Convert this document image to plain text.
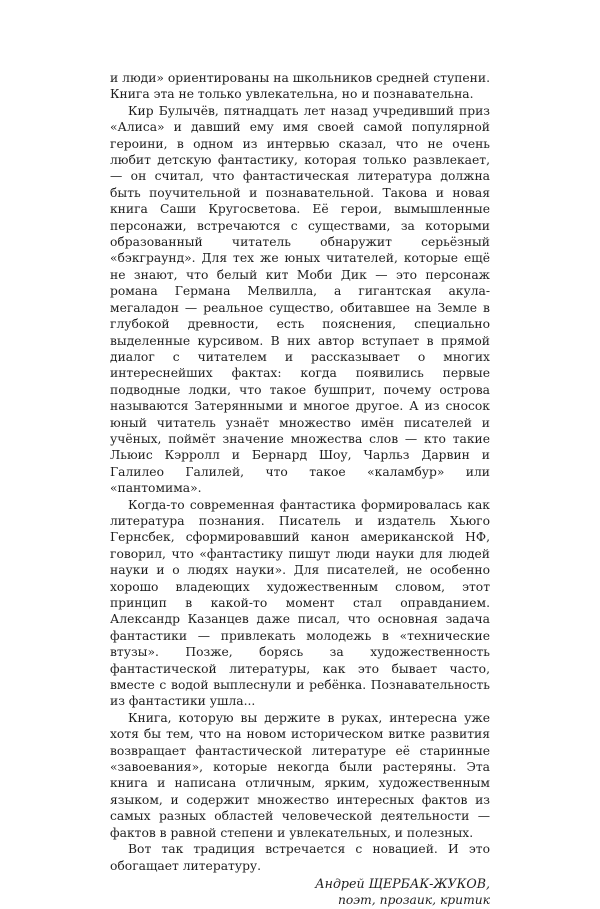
и люди» ориентированы на школьников средней ступени. Книга эта не только увлекательна, но и познавательна.

Кир Булычёв, пятнадцать лет назад учредивший приз «Алиса» и давший ему имя своей самой популярной героини, в одном из интервью сказал, что не очень любит детскую фантастику, которая только развлекает, — он считал, что фантастическая литература должна быть поучительной и познавательной. Такова и новая книга Саши Кругосветова. Её герои, вымышленные персонажи, встречаются с существами, за которыми образованный читатель обнаружит серьёзный «бэкграунд». Для тех же юных читателей, которые ещё не знают, что белый кит Моби Дик — это персонаж романа Германа Мелвилла, а гигантская акула-мегаладон — реальное существо, обитавшее на Земле в глубокой древности, есть пояснения, специально выделенные курсивом. В них автор вступает в прямой диалог с читателем и рассказывает о многих интереснейших фактах: когда появились первые подводные лодки, что такое бушприт, почему острова называются Затерянными и многое другое. А из сносок юный читатель узнаёт множество имён писателей и учёных, поймёт значение множества слов — кто такие Льюис Кэрролл и Бернард Шоу, Чарльз Дарвин и Галилео Галилей, что такое «каламбур» или «пантомима».

Когда-то современная фантастика формировалась как литература познания. Писатель и издатель Хьюго Гернсбек, сформировавший канон американской НФ, говорил, что «фантастику пишут люди науки для людей науки и о людях науки». Для писателей, не особенно хорошо владеющих художественным словом, этот принцип в какой-то момент стал оправданием. Александр Казанцев даже писал, что основная задача фантастики — привлекать молодежь в «технические втузы». Позже, борясь за художественность фантастической литературы, как это бывает часто, вместе с водой выплеснули и ребёнка. Познавательность из фантастики ушла...

Книга, которую вы держите в руках, интересна уже хотя бы тем, что на новом историческом витке развития возвращает фантастической литературе её старинные «завоевания», которые некогда были растеряны. Эта книга и написана отличным, ярким, художественным языком, и содержит множество интересных фактов из самых разных областей человеческой деятельности — фактов в равной степени и увлекательных, и полезных.

Вот так традиция встречается с новацией. И это обогащает литературу.

Андрей ЩЕРБАК-ЖУКОВ,
поэт, прозаик, критик
